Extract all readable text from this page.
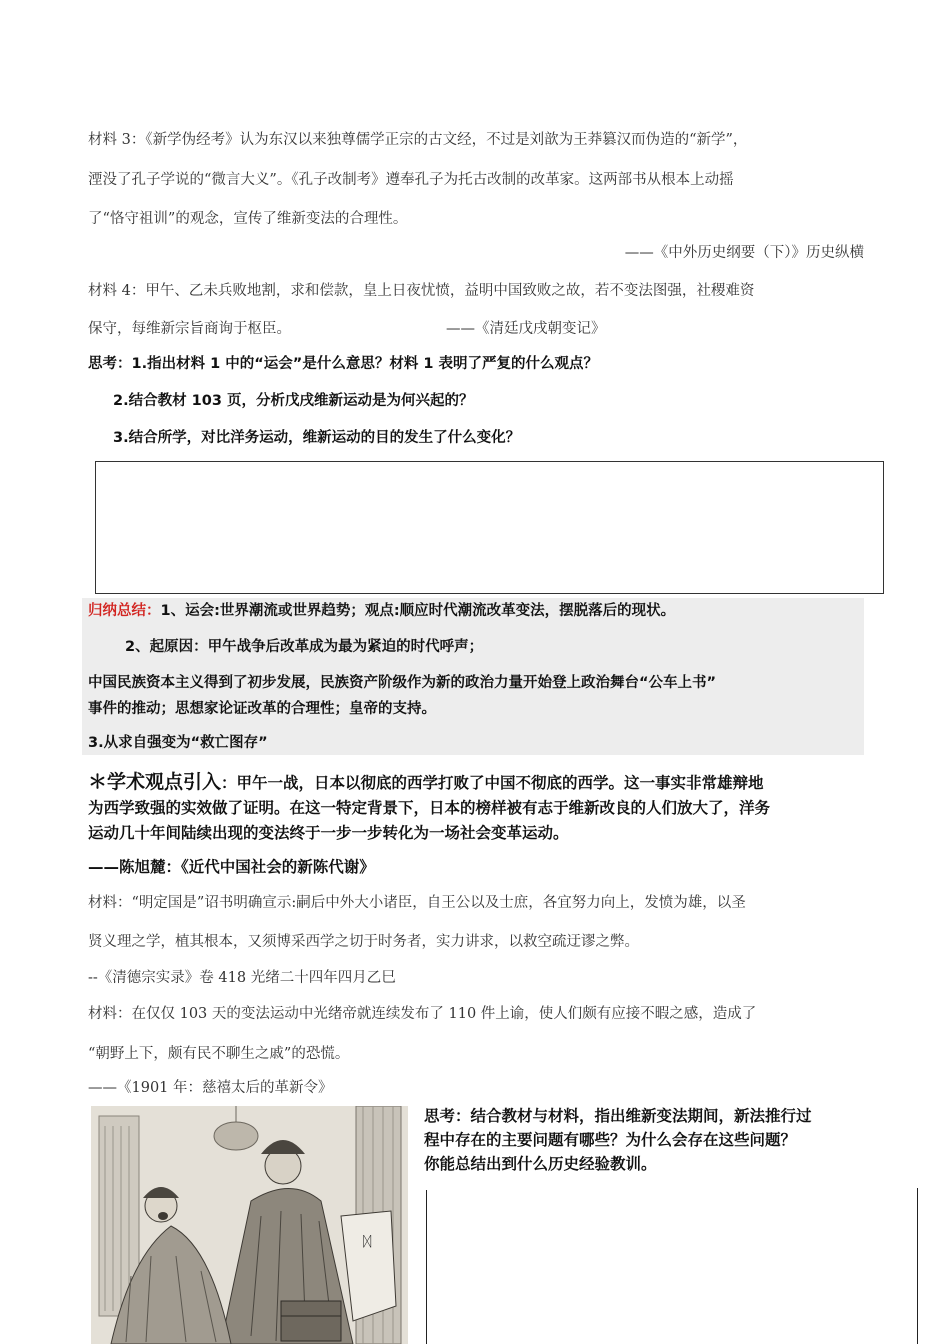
材料 3：《新学伪经考》认为东汉以来独尊儒学正宗的古文经，不过是刘歆为王莽篡汉而伪造的“新学”，
湮没了孔子学说的“微言大义”。《孔子改制考》遵奉孔子为托古改制的改革家。这两部书从根本上动摇
了“恪守祖训”的观念，宣传了维新变法的合理性。
——《中外历史纲要（下）》历史纵横
材料 4：甲午、乙未兵败地割，求和偿款，皇上日夜忧愤，益明中国致败之故，若不变法图强，社稷难资
保守，每维新宗旨商询于枢臣。	——《清廷戊戌朝变记》
思考：1.指出材料 1 中的“运会”是什么意思？材料 1 表明了严复的什么观点？
2.结合教材 103 页，分析戊戌维新运动是为何兴起的？
3.结合所学，对比洋务运动，维新运动的目的发生了什么变化？
归纳总结：1、运会:世界潮流或世界趋势；观点:顺应时代潮流改革变法，摆脱落后的现状。
2、起原因：甲午战争后改革成为最为紧迫的时代呼声；
中国民族资本主义得到了初步发展，民族资产阶级作为新的政治力量开始登上政治舞台“公车上书”
事件的推动；思想家论证改革的合理性；皇帝的支持。
3.从求自强变为“救亡图存”
＊学术观点引入：甲午一战，日本以彻底的西学打败了中国不彻底的西学。这一事实非常雄辩地
为西学致强的实效做了证明。在这一特定背景下，日本的榜样被有志于维新改良的人们放大了，洋务
运动几十年间陆续出现的变法终于一步一步转化为一场社会变革运动。
——陈旭麓：《近代中国社会的新陈代谢》
材料：“明定国是”诏书明确宣示:嗣后中外大小诸臣，自王公以及士庶，各宜努力向上，发愤为雄，以圣
贤义理之学，植其根本，又须博采西学之切于时务者，实力讲求，以救空疏迂谬之弊。
--《清德宗实录》卷 418 光绪二十四年四月乙巳
材料：在仅仅 103 天的变法运动中光绪帝就连续发布了 110 件上谕，使人们颇有应接不暇之感，造成了
“朝野上下，颇有民不聊生之戚”的恐慌。
——《1901 年：慈禧太后的革新令》
ᛞ
思考：结合教材与材料，指出维新变法期间，新法推行过
程中存在的主要问题有哪些？为什么会存在这些问题？
你能总结出到什么历史经验教训。
